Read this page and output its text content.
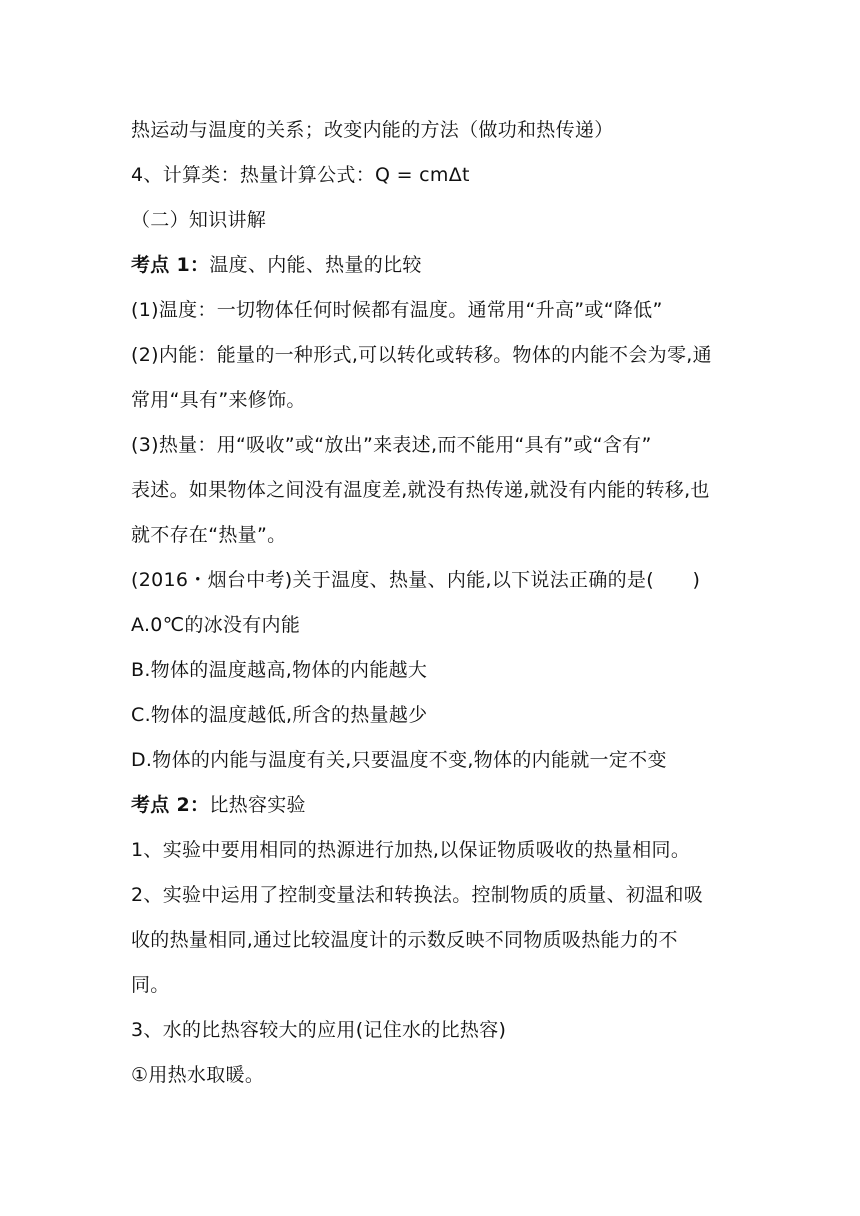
热运动与温度的关系；改变内能的方法（做功和热传递）
4、计算类：热量计算公式：Q = cmΔt
（二）知识讲解
考点 1：温度、内能、热量的比较
(1)温度：一切物体任何时候都有温度。通常用“升高”或“降低”
(2)内能：能量的一种形式,可以转化或转移。物体的内能不会为零,通
常用“具有”来修饰。
(3)热量：用“吸收”或“放出”来表述,而不能用“具有”或“含有”
表述。如果物体之间没有温度差,就没有热传递,就没有内能的转移,也
就不存在“热量”。
(2016・烟台中考)关于温度、热量、内能,以下说法正确的是(　　)
A.0℃的冰没有内能
B.物体的温度越高,物体的内能越大
C.物体的温度越低,所含的热量越少
D.物体的内能与温度有关,只要温度不变,物体的内能就一定不变
考点 2：比热容实验
1、实验中要用相同的热源进行加热,以保证物质吸收的热量相同。
2、实验中运用了控制变量法和转换法。控制物质的质量、初温和吸
收的热量相同,通过比较温度计的示数反映不同物质吸热能力的不
同。
3、水的比热容较大的应用(记住水的比热容)
①用热水取暖。
